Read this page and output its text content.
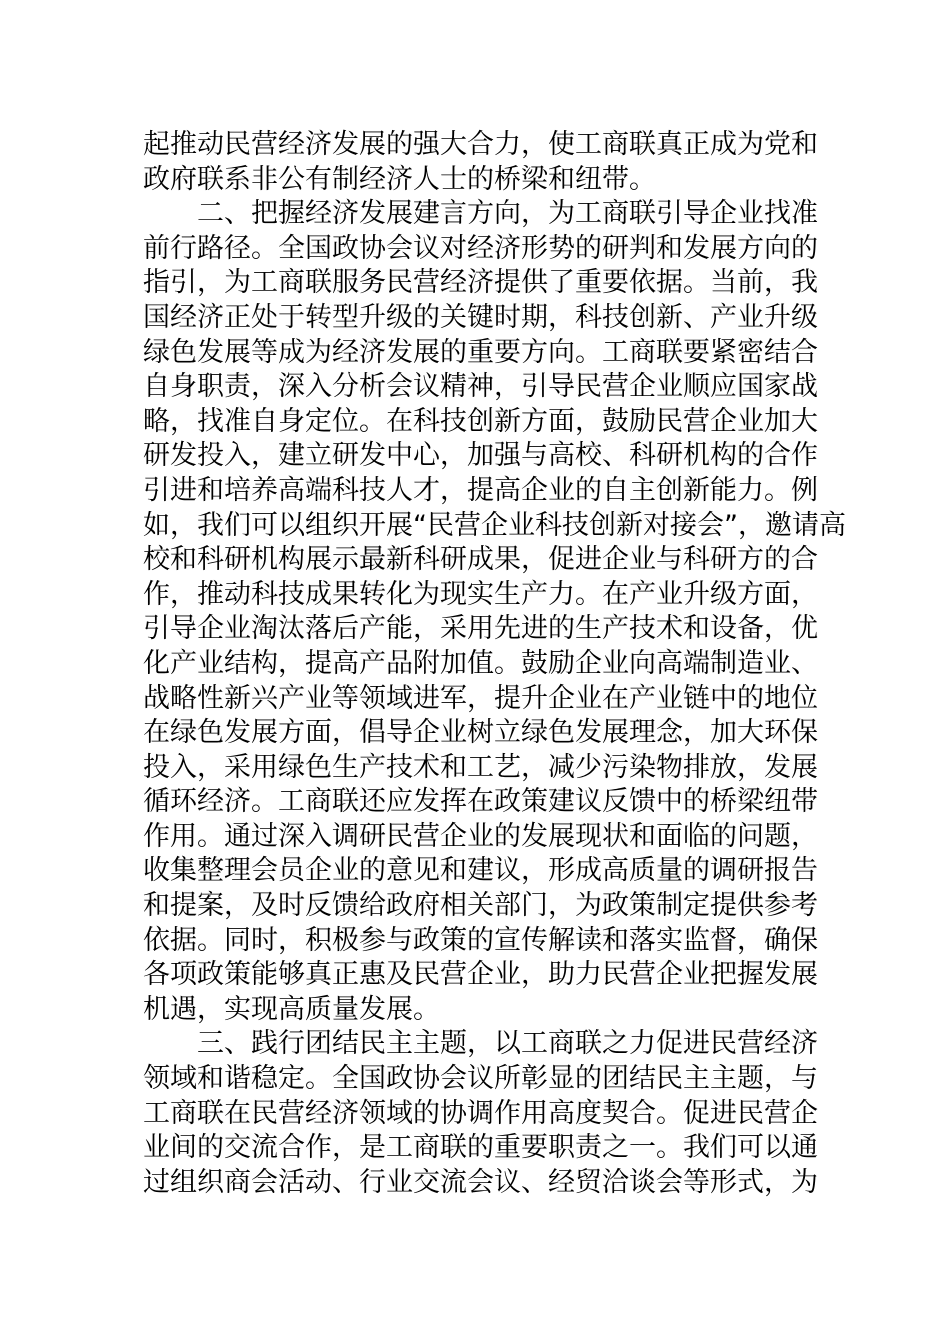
起推动民营经济发展的强大合力，使工商联真正成为党和
政府联系非公有制经济人士的桥梁和纽带。
二、把握经济发展建言方向，为工商联引导企业找准
前行路径。全国政协会议对经济形势的研判和发展方向的
指引，为工商联服务民营经济提供了重要依据。当前，我
国经济正处于转型升级的关键时期，科技创新、产业升级
绿色发展等成为经济发展的重要方向。工商联要紧密结合
自身职责，深入分析会议精神，引导民营企业顺应国家战
略，找准自身定位。在科技创新方面，鼓励民营企业加大
研发投入，建立研发中心，加强与高校、科研机构的合作
引进和培养高端科技人才，提高企业的自主创新能力。例
如，我们可以组织开展“民营企业科技创新对接会”，邀请高
校和科研机构展示最新科研成果，促进企业与科研方的合
作，推动科技成果转化为现实生产力。在产业升级方面，
引导企业淘汰落后产能，采用先进的生产技术和设备，优
化产业结构，提高产品附加值。鼓励企业向高端制造业、
战略性新兴产业等领域进军，提升企业在产业链中的地位
在绿色发展方面，倡导企业树立绿色发展理念，加大环保
投入，采用绿色生产技术和工艺，减少污染物排放，发展
循环经济。工商联还应发挥在政策建议反馈中的桥梁纽带
作用。通过深入调研民营企业的发展现状和面临的问题，
收集整理会员企业的意见和建议，形成高质量的调研报告
和提案，及时反馈给政府相关部门，为政策制定提供参考
依据。同时，积极参与政策的宣传解读和落实监督，确保
各项政策能够真正惠及民营企业，助力民营企业把握发展
机遇，实现高质量发展。
三、践行团结民主主题，以工商联之力促进民营经济
领域和谐稳定。全国政协会议所彰显的团结民主主题，与
工商联在民营经济领域的协调作用高度契合。促进民营企
业间的交流合作，是工商联的重要职责之一。我们可以通
过组织商会活动、行业交流会议、经贸洽谈会等形式，为
